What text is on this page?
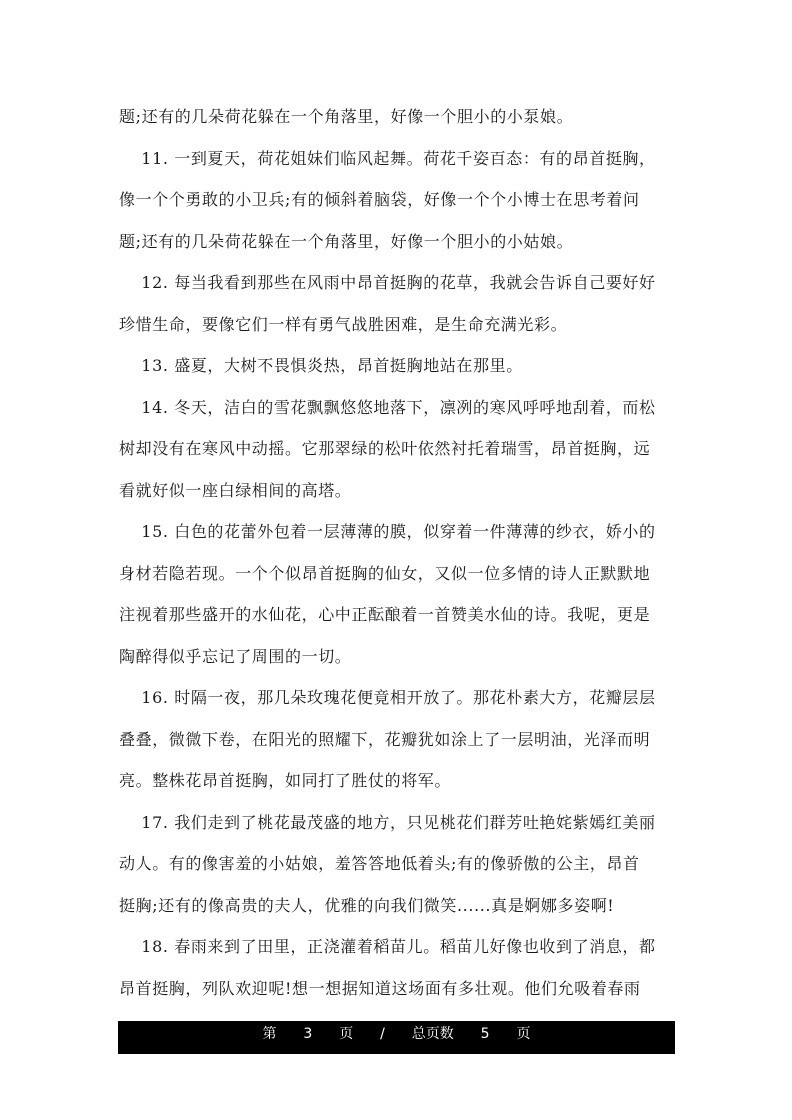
题;还有的几朵荷花躲在一个角落里，好像一个胆小的小泵娘。

　 11. 一到夏天，荷花姐妹们临风起舞。荷花千姿百态：有的昂首挺胸，
像一个个勇敢的小卫兵;有的倾斜着脑袋，好像一个个小博士在思考着问
题;还有的几朵荷花躲在一个角落里，好像一个胆小的小姑娘。

　 12. 每当我看到那些在风雨中昂首挺胸的花草，我就会告诉自己要好好
珍惜生命，要像它们一样有勇气战胜困难，是生命充满光彩。

　 13. 盛夏，大树不畏惧炎热，昂首挺胸地站在那里。

　 14. 冬天，洁白的雪花飘飘悠悠地落下，凛冽的寒风呼呼地刮着，而松
树却没有在寒风中动摇。它那翠绿的松叶依然衬托着瑞雪，昂首挺胸，远
看就好似一座白绿相间的高塔。

　 15. 白色的花蕾外包着一层薄薄的膜，似穿着一件薄薄的纱衣，娇小的
身材若隐若现。一个个似昂首挺胸的仙女，又似一位多情的诗人正默默地
注视着那些盛开的水仙花，心中正酝酿着一首赞美水仙的诗。我呢，更是
陶醉得似乎忘记了周围的一切。

　 16. 时隔一夜，那几朵玫瑰花便竟相开放了。那花朴素大方，花瓣层层
叠叠，微微下卷，在阳光的照耀下，花瓣犹如涂上了一层明油，光泽而明
亮。整株花昂首挺胸，如同打了胜仗的将军。

　 17. 我们走到了桃花最茂盛的地方，只见桃花们群芳吐艳姹紫嫣红美丽
动人。有的像害羞的小姑娘，羞答答地低着头;有的像骄傲的公主，昂首
挺胸;还有的像高贵的夫人，优雅的向我们微笑......真是婀娜多姿啊!

　 18. 春雨来到了田里，正浇灌着稻苗儿。稻苗儿好像也收到了消息，都
昂首挺胸，列队欢迎呢!想一想据知道这场面有多壮观。他们允吸着春雨

第 3 页 / 总页数 5 页
